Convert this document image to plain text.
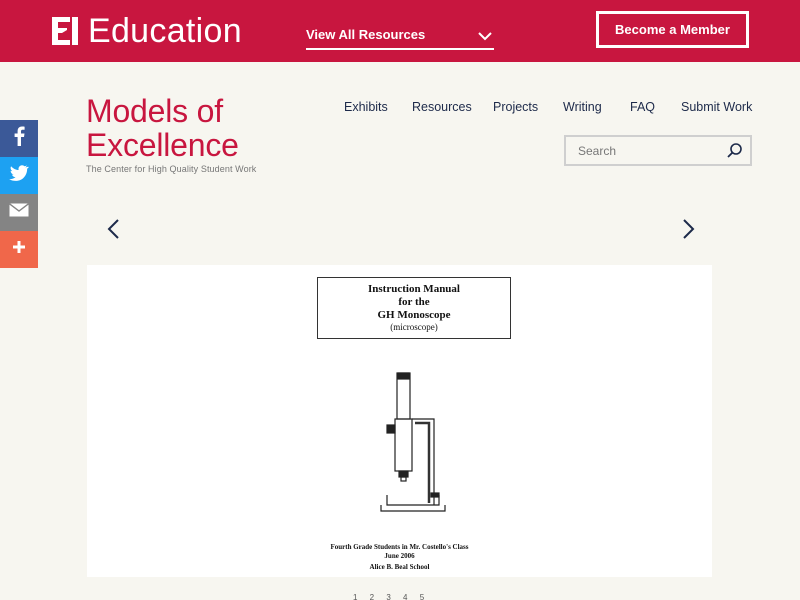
Education	View All Resources	Become a Member
Models of
Excellence
The Center for High Quality Student Work
Exhibits Resources Projects Writing FAQ Submit Work
Search
Instruction Manual
for the
GH Monoscope
(microscope)
Fourth Grade Students in Mr. Costello's Class
June 2006
Alice B. Beal School
1 2 3 4 5
